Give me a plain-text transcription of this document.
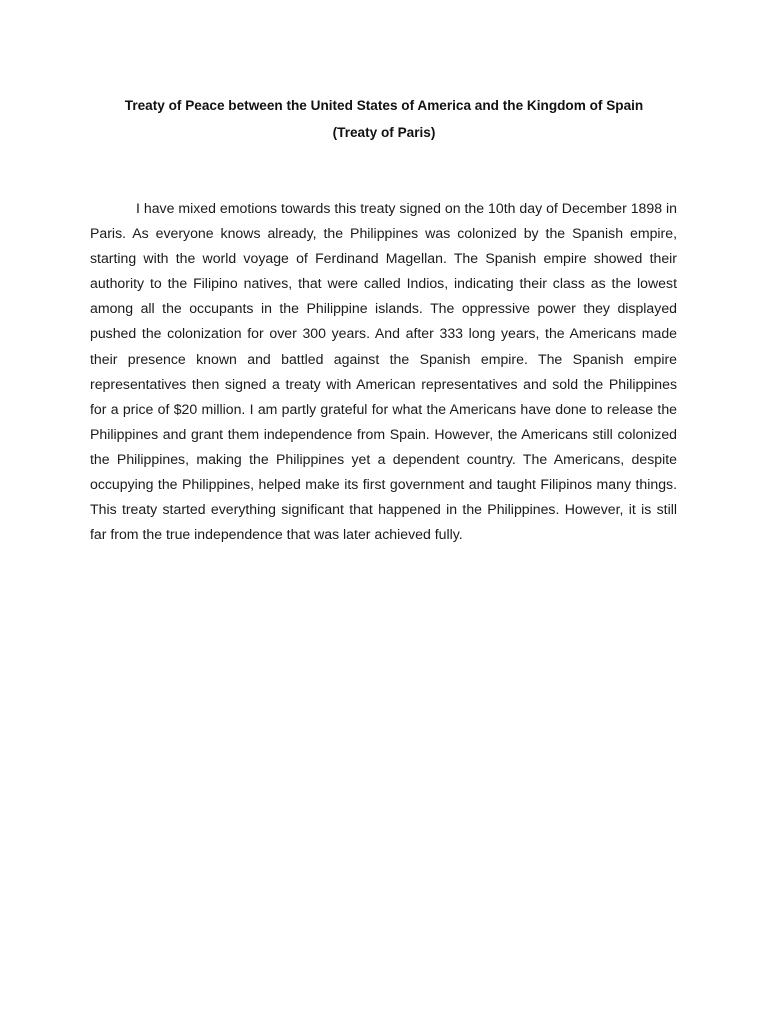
Treaty of Peace between the United States of America and the Kingdom of Spain
(Treaty of Paris)

I have mixed emotions towards this treaty signed on the 10th day of December 1898 in Paris. As everyone knows already, the Philippines was colonized by the Spanish empire, starting with the world voyage of Ferdinand Magellan. The Spanish empire showed their authority to the Filipino natives, that were called Indios, indicating their class as the lowest among all the occupants in the Philippine islands. The oppressive power they displayed pushed the colonization for over 300 years. And after 333 long years, the Americans made their presence known and battled against the Spanish empire. The Spanish empire representatives then signed a treaty with American representatives and sold the Philippines for a price of $20 million. I am partly grateful for what the Americans have done to release the Philippines and grant them independence from Spain. However, the Americans still colonized the Philippines, making the Philippines yet a dependent country. The Americans, despite occupying the Philippines, helped make its first government and taught Filipinos many things. This treaty started everything significant that happened in the Philippines. However, it is still far from the true independence that was later achieved fully.
